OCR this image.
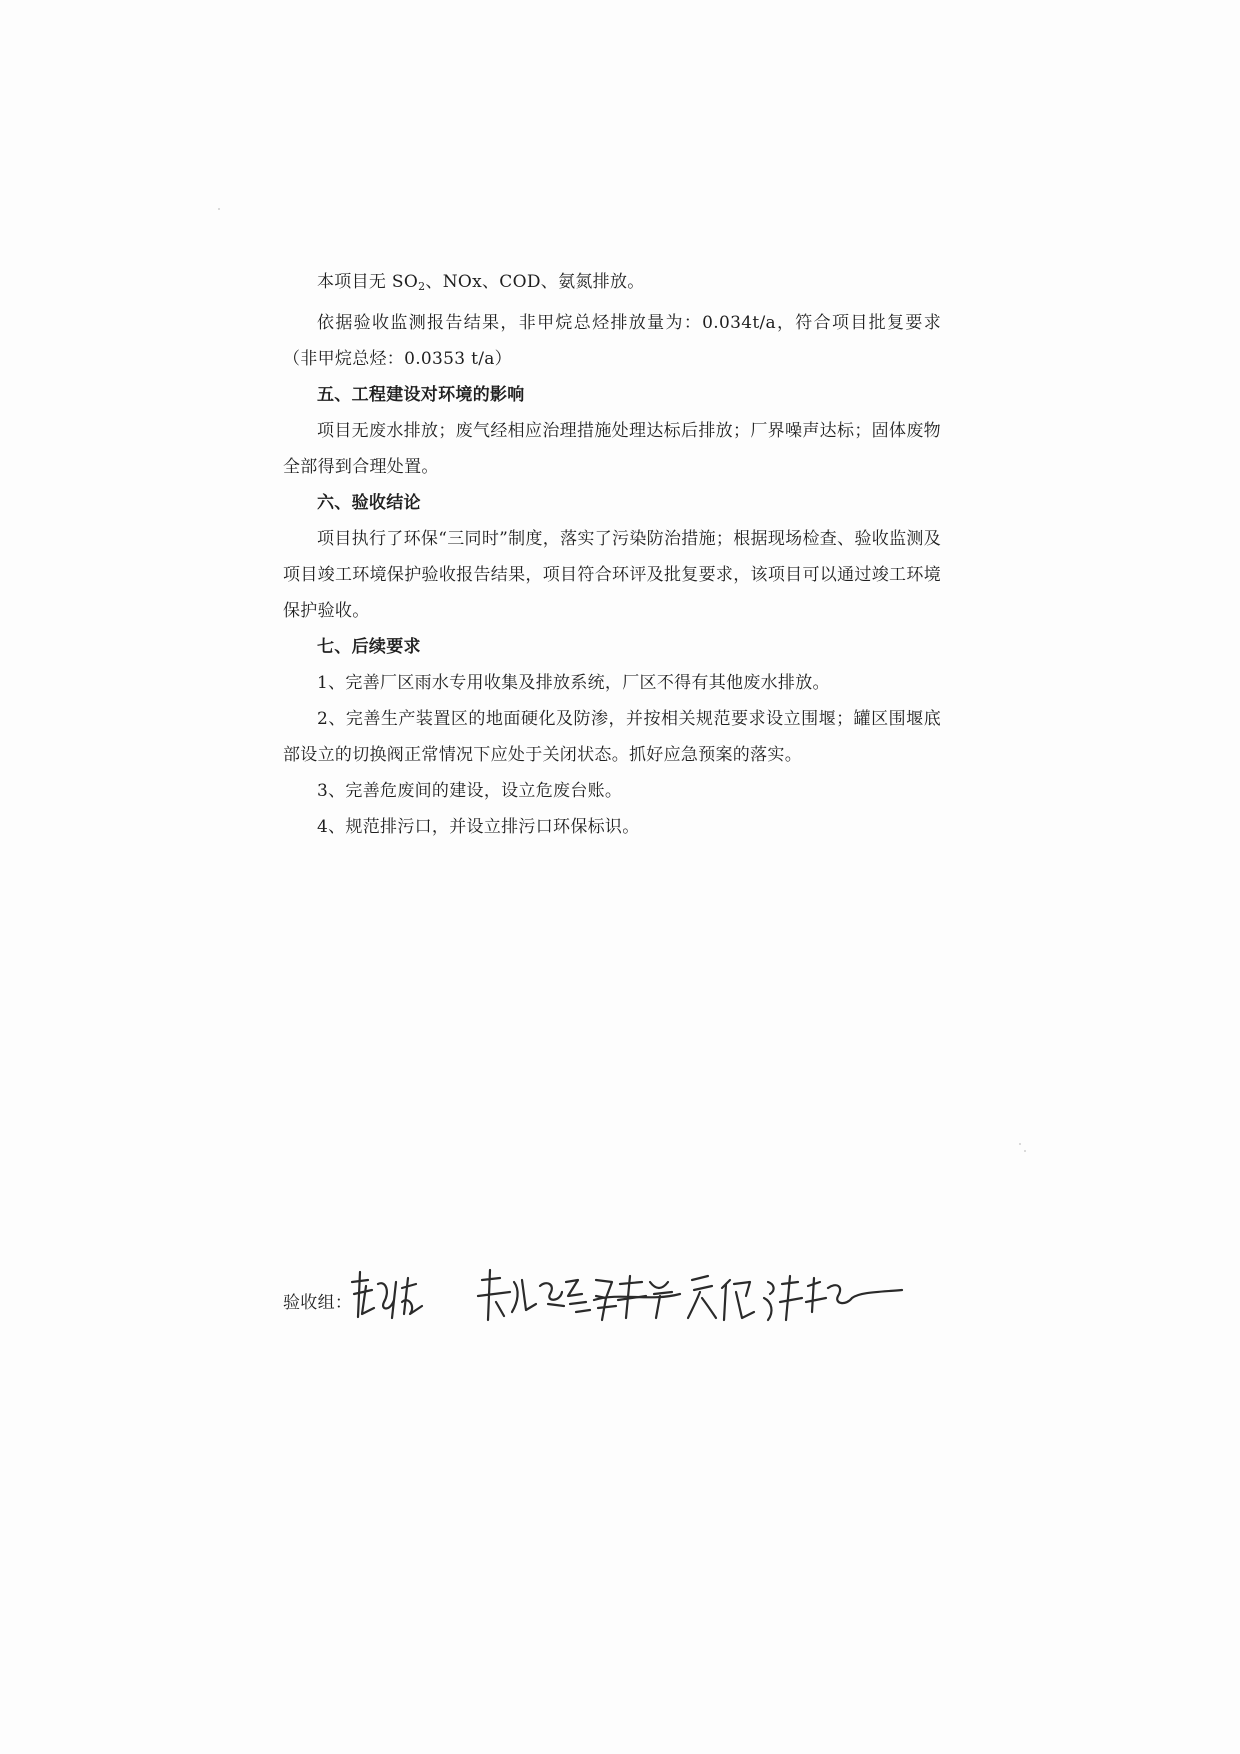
本项目无 $SO_2$、NOx、COD、氨氮排放。

依据验收监测报告结果，非甲烷总烃排放量为：0.034t/a，符合项目批复要求（非甲烷总烃：0.0353 t/a）

五、工程建设对环境的影响

项目无废水排放；废气经相应治理措施处理达标后排放；厂界噪声达标；固体废物全部得到合理处置。

六、验收结论

项目执行了环保“三同时”制度，落实了污染防治措施；根据现场检查、验收监测及项目竣工环境保护验收报告结果，项目符合环评及批复要求，该项目可以通过竣工环境保护验收。

七、后续要求

1、完善厂区雨水专用收集及排放系统，厂区不得有其他废水排放。

2、完善生产装置区的地面硬化及防渗，并按相关规范要求设立围堰；罐区围堰底部设立的切换阀正常情况下应处于关闭状态。抓好应急预案的落实。

3、完善危废间的建设，设立危废台账。

4、规范排污口，并设立排污口环保标识。

验收组：
